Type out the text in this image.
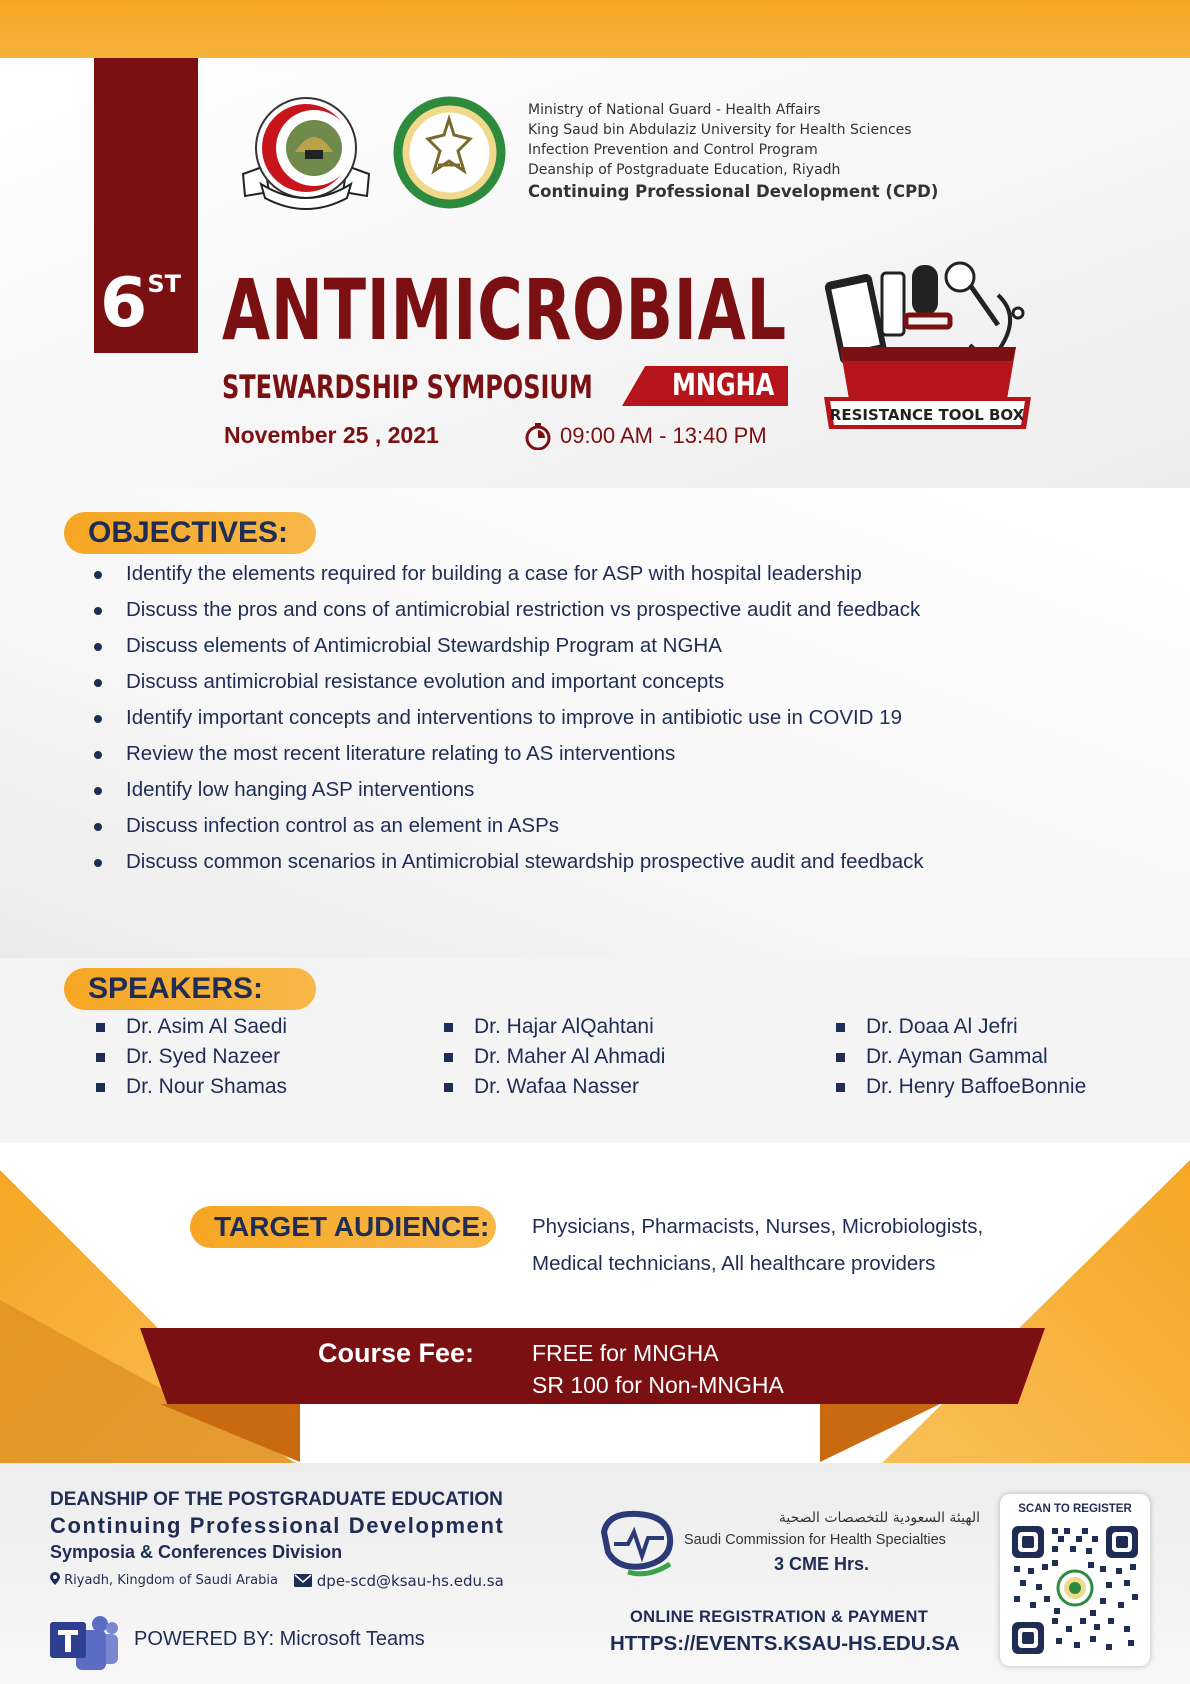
6ST
Ministry of National Guard - Health Affairs
King Saud bin Abdulaziz University for Health Sciences
Infection Prevention and Control Program
Deanship of Postgraduate Education, Riyadh
Continuing Professional Development (CPD)
ANTIMICROBIAL
STEWARDSHIP SYMPOSIUM	MNGHA
November 25 , 2021	09:00 AM - 13:40 PM
RESISTANCE TOOL BOX
OBJECTIVES:
Identify the elements required for building a case for ASP with hospital leadership
Discuss the pros and cons of antimicrobial restriction vs prospective audit and feedback
Discuss elements of Antimicrobial Stewardship Program at NGHA
Discuss antimicrobial resistance evolution and important concepts
Identify important concepts and interventions to improve in antibiotic use in COVID 19
Review the most recent literature relating to AS interventions
Identify low hanging ASP interventions
Discuss infection control as an element in ASPs
Discuss common scenarios in Antimicrobial stewardship prospective audit and feedback
SPEAKERS:
Dr. Asim Al Saedi
Dr. Syed Nazeer
Dr. Nour Shamas
Dr. Hajar AlQahtani
Dr. Maher Al Ahmadi
Dr. Wafaa Nasser
Dr. Doaa Al Jefri
Dr. Ayman Gammal
Dr. Henry BaffoeBonnie
TARGET AUDIENCE:	Physicians, Pharmacists, Nurses, Microbiologists,
Medical technicians, All healthcare providers
Course Fee:	FREE for MNGHA
SR 100 for Non-MNGHA
DEANSHIP OF THE POSTGRADUATE EDUCATION
Continuing Professional Development
Symposia & Conferences Division
Riyadh, Kingdom of Saudi Arabia	dpe-scd@ksau-hs.edu.sa
POWERED BY: Microsoft Teams
الهيئة السعودية للتخصصات الصحية
Saudi Commission for Health Specialties
3 CME Hrs.
ONLINE REGISTRATION & PAYMENT
HTTPS://EVENTS.KSAU-HS.EDU.SA
SCAN TO REGISTER
